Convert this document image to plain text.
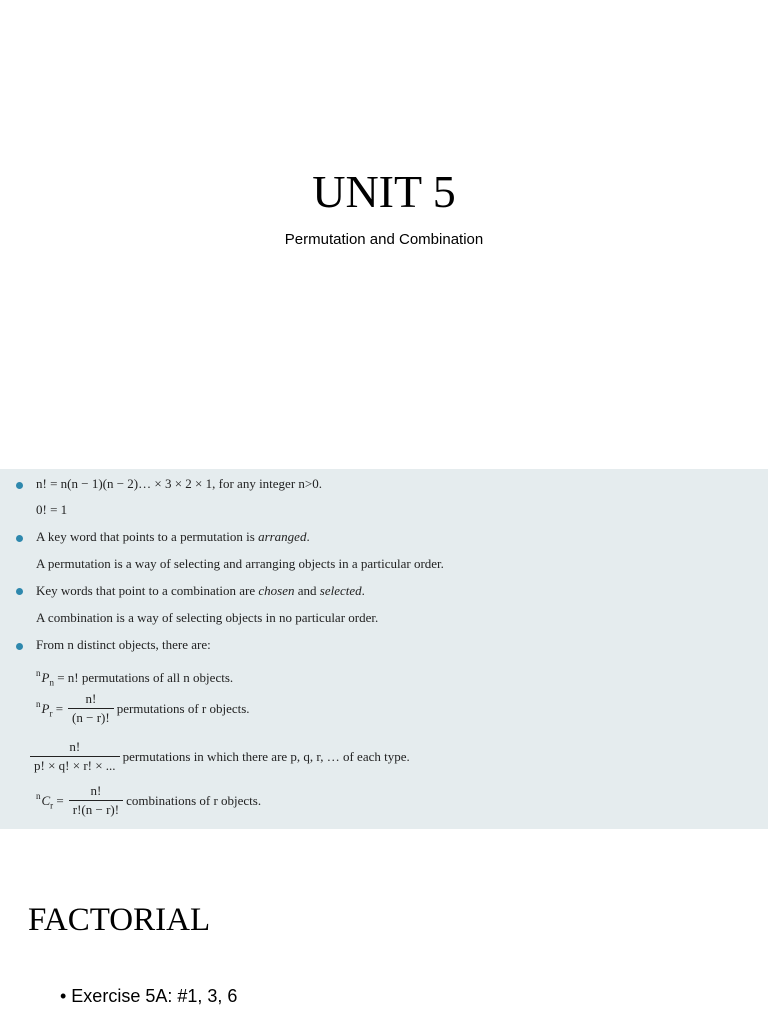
UNIT 5
Permutation and Combination
n! = n(n − 1)(n − 2)… × 3 × 2 × 1, for any integer n>0.
0! = 1
A key word that points to a permutation is arranged.
A permutation is a way of selecting and arranging objects in a particular order.
Key words that point to a combination are chosen and selected.
A combination is a way of selecting objects in no particular order.
From n distinct objects, there are:
$^nP_n = n$! permutations of all n objects.
$^nP_r = \frac{n!}{(n - r)!}$ permutations of r objects.
$\frac{n!}{p! \times q! \times r! \times ...}$ permutations in which there are p, q, r, … of each type.
$^nC_r = \frac{n!}{r!(n - r)!}$ combinations of r objects.
FACTORIAL
• Exercise 5A: #1, 3, 6
